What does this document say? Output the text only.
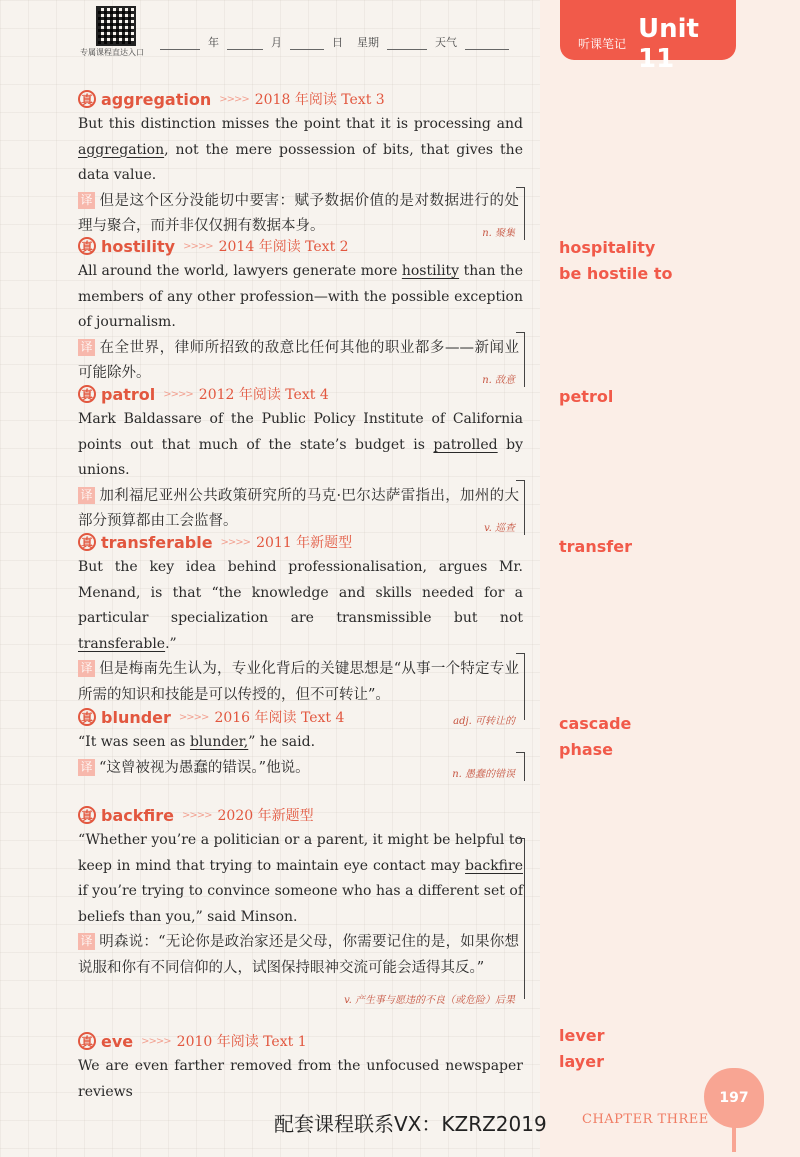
专属课程直达入口
年	月	日 星期	天气	听课笔记 Unit 11
真 aggregation >>>> 2018 年阅读 Text 3
But this distinction misses the point that it is processing and aggregation, not the mere possession of bits, that gives the data value.
译 但是这个区分没能切中要害：赋予数据价值的是对数据进行的处理与聚合，而并非仅仅拥有数据本身。	n. 聚集
真 hostility >>>> 2014 年阅读 Text 2
All around the world, lawyers generate more hostility than the members of any other profession—with the possible exception of journalism.
译 在全世界，律师所招致的敌意比任何其他的职业都多——新闻业可能除外。	n. 敌意
真 patrol >>>> 2012 年阅读 Text 4
Mark Baldassare of the Public Policy Institute of California points out that much of the state’s budget is patrolled by unions.
译 加利福尼亚州公共政策研究所的马克·巴尔达萨雷指出，加州的大部分预算都由工会监督。	v. 巡查
真 transferable >>>> 2011 年新题型
But the key idea behind professionalisation, argues Mr. Menand, is that “the knowledge and skills needed for a particular specialization are transmissible but not transferable.”
译 但是梅南先生认为，专业化背后的关键思想是“从事一个特定专业所需的知识和技能是可以传授的，但不可转让”。
adj. 可转让的
真 blunder >>>> 2016 年阅读 Text 4
“It was seen as blunder,” he said.
译 “这曾被视为愚蠢的错误。”他说。	n. 愚蠢的错误
真 backfire >>>> 2020 年新题型
“Whether you’re a politician or a parent, it might be helpful to keep in mind that trying to maintain eye contact may backfire if you’re trying to convince someone who has a different set of beliefs than you,” said Minson.
译 明森说：“无论你是政治家还是父母，你需要记住的是，如果你想说服和你有不同信仰的人，试图保持眼神交流可能会适得其反。”
v. 产生事与愿违的不良（或危险）后果
真 eve >>>> 2010 年阅读 Text 1
We are even farther removed from the unfocused newspaper reviews
hospitality
be hostile to
petrol
transfer
cascade
phase
lever
layer
配套课程联系VX：KZRZ2019	CHAPTER THREE
197
